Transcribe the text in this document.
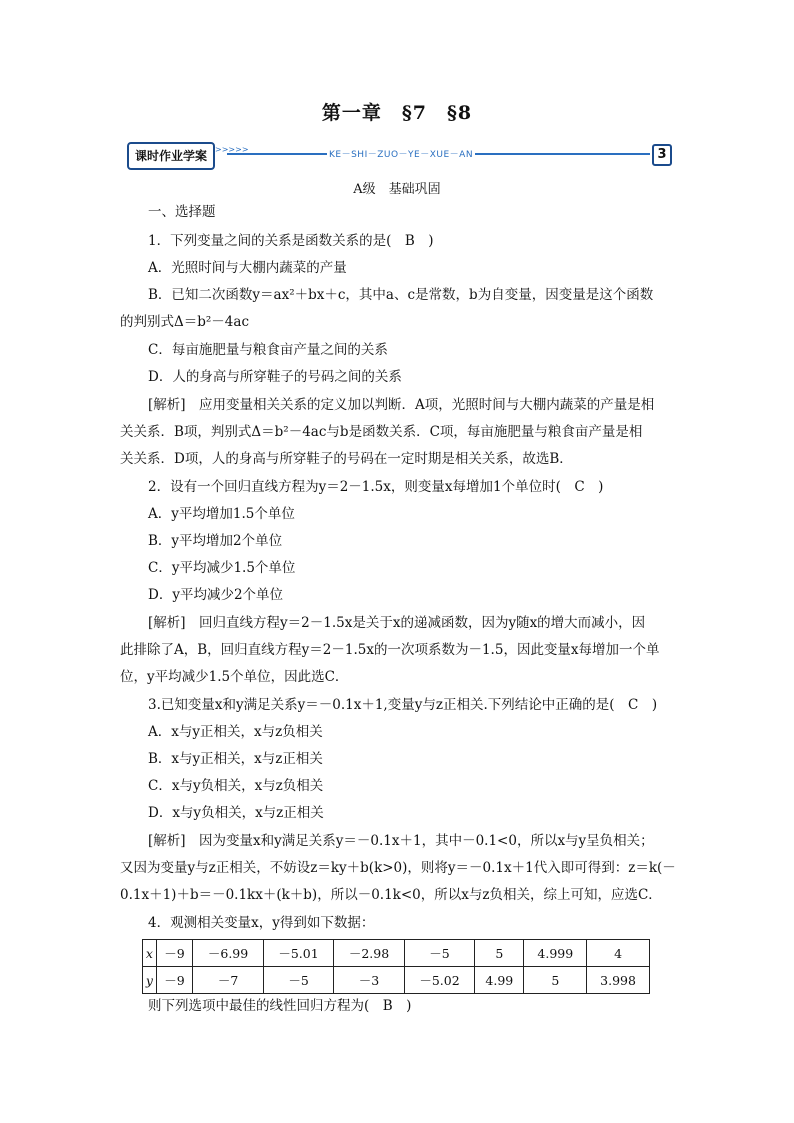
第一章　§7　§8
课时作业学案 >>>>>
KE－SHI－ZUO－YE－XUE－AN	3
A级　基础巩固
一、选择题
1．下列变量之间的关系是函数关系的是(　B　)
A．光照时间与大棚内蔬菜的产量
B．已知二次函数y＝ax²＋bx＋c，其中a、c是常数，b为自变量，因变量是这个函数
的判别式Δ＝b²－4ac
C．每亩施肥量与粮食亩产量之间的关系
D．人的身高与所穿鞋子的号码之间的关系
[解析]　应用变量相关关系的定义加以判断．A项，光照时间与大棚内蔬菜的产量是相
关关系．B项，判别式Δ＝b²－4ac与b是函数关系．C项，每亩施肥量与粮食亩产量是相
关关系．D项，人的身高与所穿鞋子的号码在一定时期是相关关系，故选B．
2．设有一个回归直线方程为y＝2－1.5x，则变量x每增加1个单位时(　C　)
A．y平均增加1.5个单位
B．y平均增加2个单位
C．y平均减少1.5个单位
D．y平均减少2个单位
[解析]　回归直线方程y＝2－1.5x是关于x的递减函数，因为y随x的增大而减小，因
此排除了A，B，回归直线方程y＝2－1.5x的一次项系数为－1.5，因此变量x每增加一个单
位，y平均减少1.5个单位，因此选C．
3.已知变量x和y满足关系y＝－0.1x＋1,变量y与z正相关.下列结论中正确的是(　C　)
A．x与y正相关，x与z负相关
B．x与y正相关，x与z正相关
C．x与y负相关，x与z负相关
D．x与y负相关，x与z正相关
[解析]　因为变量x和y满足关系y＝－0.1x＋1，其中－0.1<0，所以x与y呈负相关；
又因为变量y与z正相关，不妨设z＝ky＋b(k>0)，则将y＝－0.1x＋1代入即可得到：z＝k(－
0.1x＋1)＋b＝－0.1kx＋(k＋b)，所以－0.1k<0，所以x与z负相关，综上可知，应选C．
4．观测相关变量x，y得到如下数据：
则下列选项中最佳的线性回归方程为(　B　)
x	－9	－6.99	－5.01	－2.98	－5	5	4.999	4
y	－9	－7	－5	－3	－5.02	4.99	5	3.998
